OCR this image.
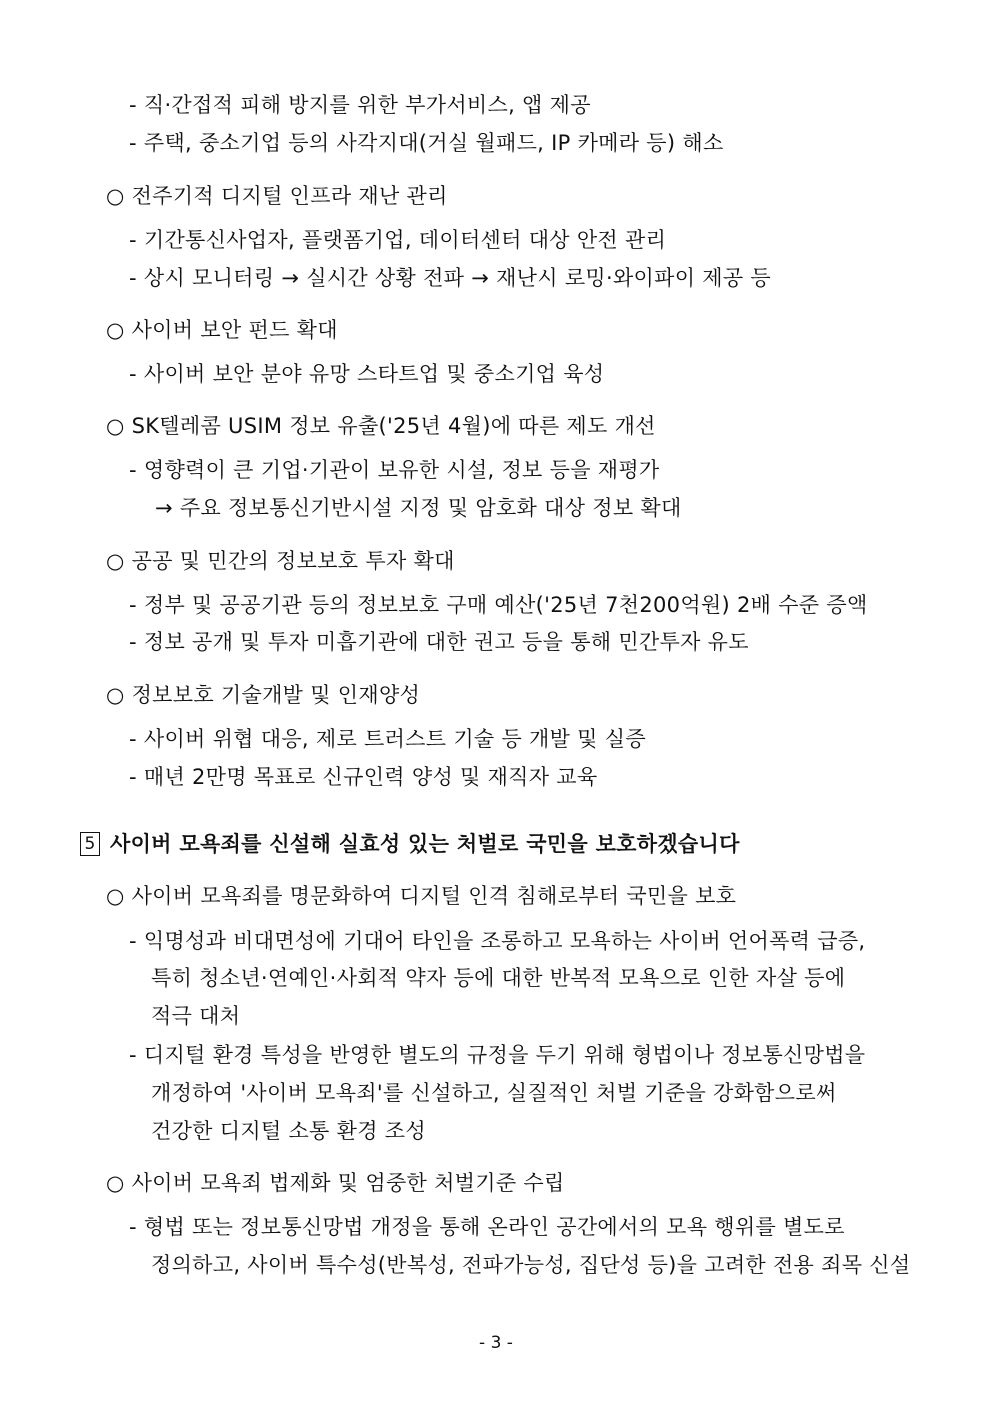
- 직·간접적 피해 방지를 위한 부가서비스, 앱 제공
- 주택, 중소기업 등의 사각지대(거실 월패드, IP 카메라 등) 해소
○ 전주기적 디지털 인프라 재난 관리
- 기간통신사업자, 플랫폼기업, 데이터센터 대상 안전 관리
- 상시 모니터링 → 실시간 상황 전파 → 재난시 로밍·와이파이 제공 등
○ 사이버 보안 펀드 확대
- 사이버 보안 분야 유망 스타트업 및 중소기업 육성
○ SK텔레콤 USIM 정보 유출('25년 4월)에 따른 제도 개선
- 영향력이 큰 기업·기관이 보유한 시설, 정보 등을 재평가
→ 주요 정보통신기반시설 지정 및 암호화 대상 정보 확대
○ 공공 및 민간의 정보보호 투자 확대
- 정부 및 공공기관 등의 정보보호 구매 예산('25년 7천200억원) 2배 수준 증액
- 정보 공개 및 투자 미흡기관에 대한 권고 등을 통해 민간투자 유도
○ 정보보호 기술개발 및 인재양성
- 사이버 위협 대응, 제로 트러스트 기술 등 개발 및 실증
- 매년 2만명 목표로 신규인력 양성 및 재직자 교육
5 사이버 모욕죄를 신설해 실효성 있는 처벌로 국민을 보호하겠습니다
○ 사이버 모욕죄를 명문화하여 디지털 인격 침해로부터 국민을 보호
- 익명성과 비대면성에 기대어 타인을 조롱하고 모욕하는 사이버 언어폭력 급증,
특히 청소년·연예인·사회적 약자 등에 대한 반복적 모욕으로 인한 자살 등에
적극 대처
- 디지털 환경 특성을 반영한 별도의 규정을 두기 위해 형법이나 정보통신망법을
개정하여 '사이버 모욕죄'를 신설하고, 실질적인 처벌 기준을 강화함으로써
건강한 디지털 소통 환경 조성
○ 사이버 모욕죄 법제화 및 엄중한 처벌기준 수립
- 형법 또는 정보통신망법 개정을 통해 온라인 공간에서의 모욕 행위를 별도로
정의하고, 사이버 특수성(반복성, 전파가능성, 집단성 등)을 고려한 전용 죄목 신설
- 3 -
